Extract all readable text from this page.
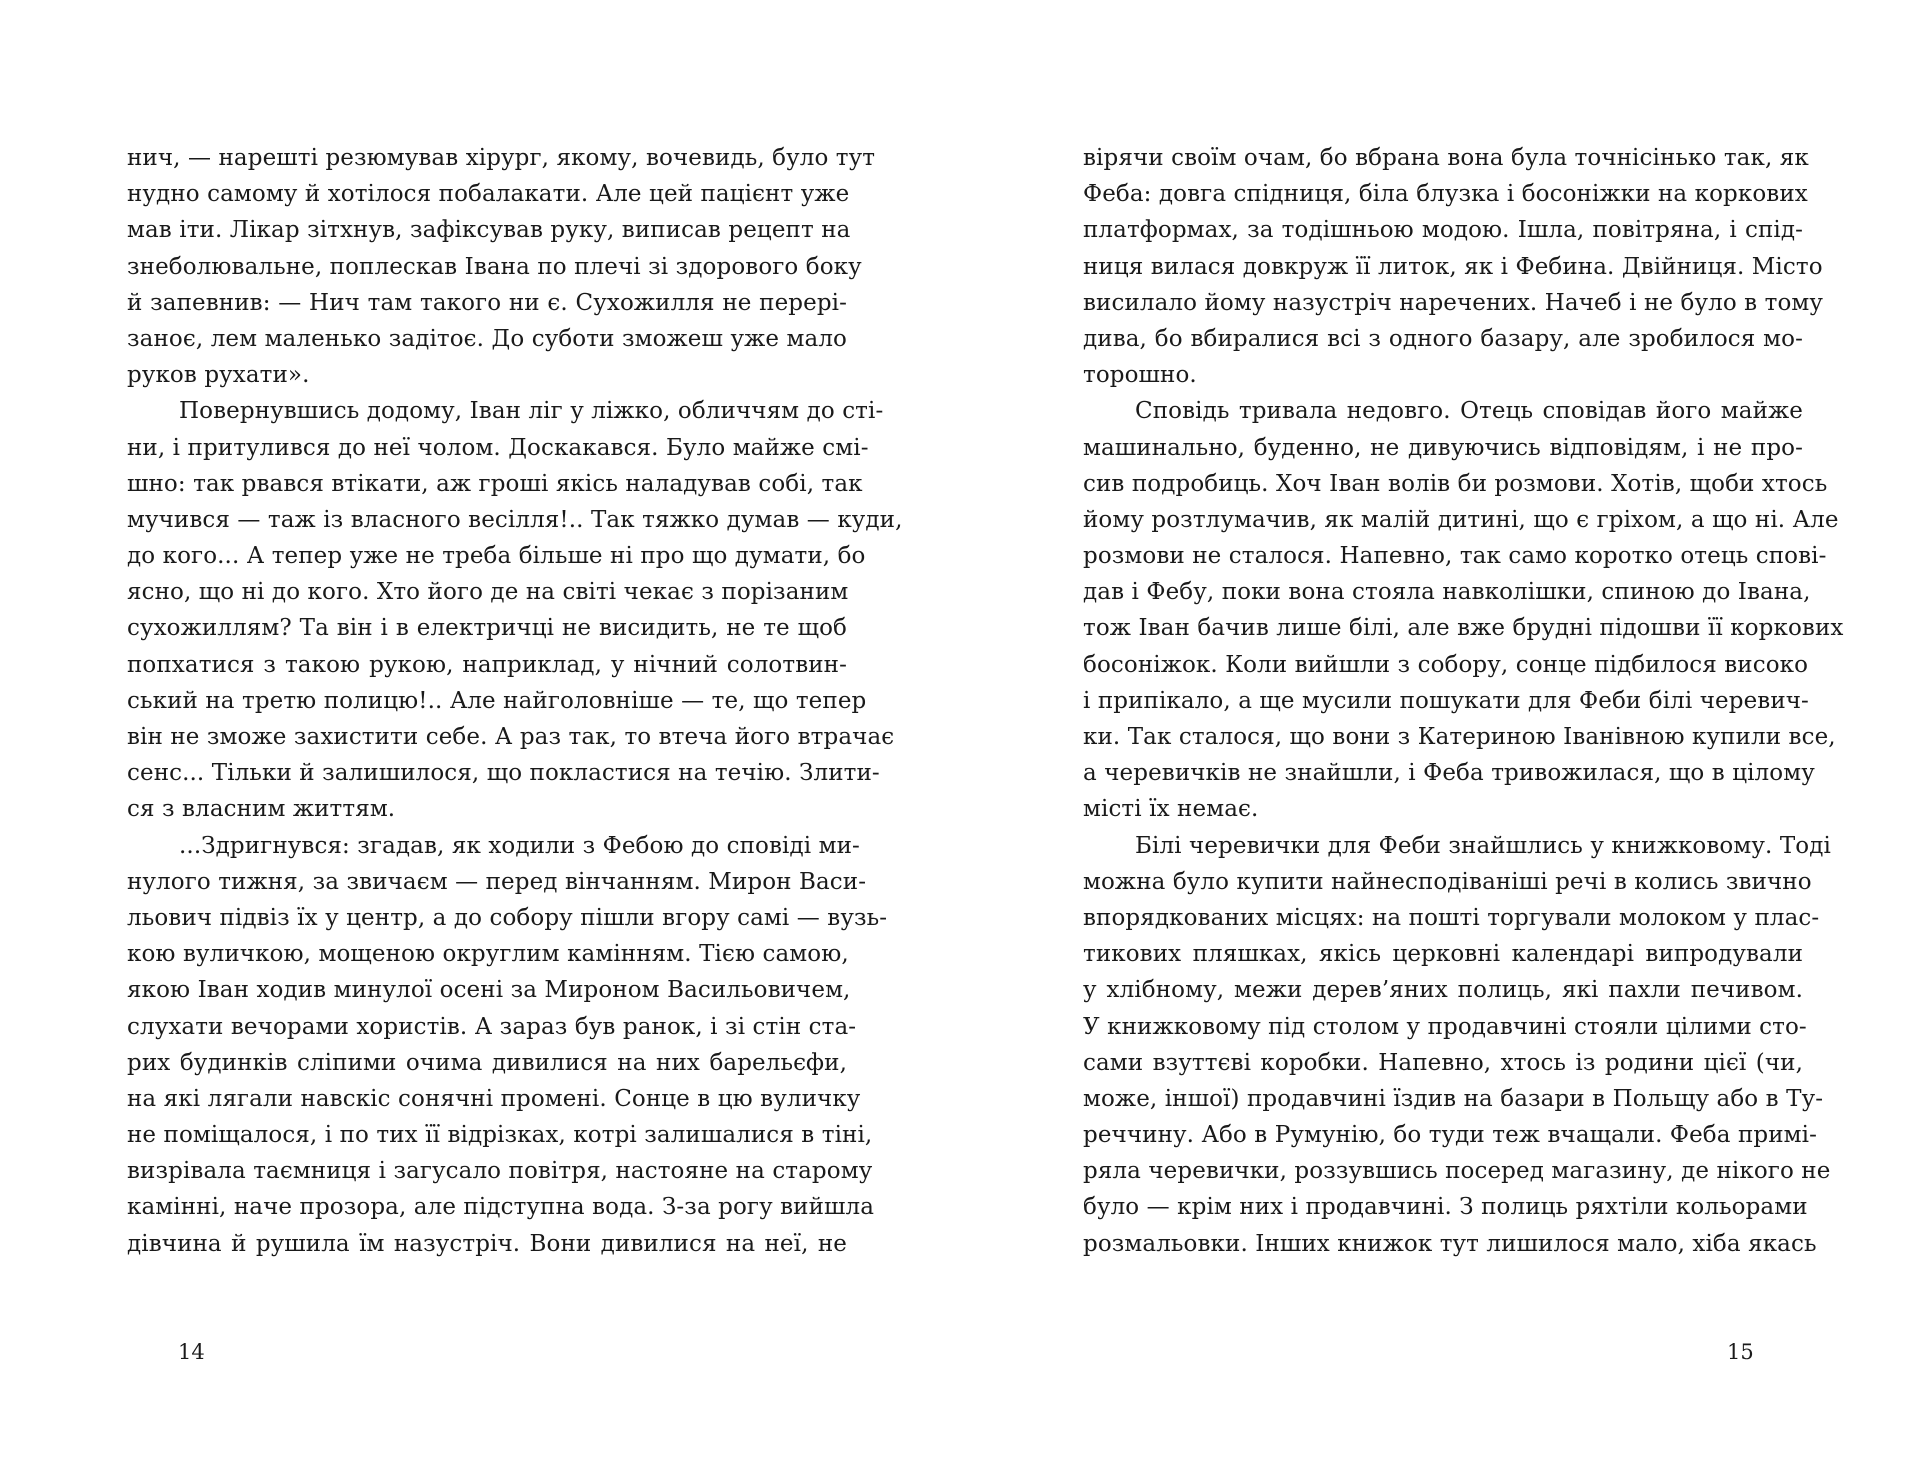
нич, — нарешті резюмував хірург, якому, вочевидь, було тут
нудно самому й хотілося побалакати. Але цей пацієнт уже
мав іти. Лікар зітхнув, зафіксував руку, виписав рецепт на
знеболювальне, поплескав Івана по плечі зі здорового боку
й запевнив: — Нич там такого ни є. Сухожилля не перері-
заноє, лем маленько задітоє. До суботи зможеш уже мало
руков рухати».
Повернувшись додому, Іван ліг у ліжко, обличчям до сті-
ни, і притулився до неї чолом. Доскакався. Було майже смі-
шно: так рвався втікати, аж гроші якісь наладував собі, так
мучився — таж із власного весілля!.. Так тяжко думав — куди,
до кого... А тепер уже не треба більше ні про що думати, бо
ясно, що ні до кого. Хто його де на світі чекає з порізаним
сухожиллям? Та він і в електричці не висидить, не те щоб
попхатися з такою рукою, наприклад, у нічний солотвин-
ський на третю полицю!.. Але найголовніше — те, що тепер
він не зможе захистити себе. А раз так, то втеча його втрачає
сенс... Тільки й залишилося, що покластися на течію. Злити-
ся з власним життям.
...Здригнувся: згадав, як ходили з Фебою до сповіді ми-
нулого тижня, за звичаєм — перед вінчанням. Мирон Васи-
льович підвіз їх у центр, а до собору пішли вгору самі — вузь-
кою вуличкою, мощеною округлим камінням. Тією самою,
якою Іван ходив минулої осені за Мироном Васильовичем,
слухати вечорами хористів. А зараз був ранок, і зі стін ста-
рих будинків сліпими очима дивилися на них барельєфи,
на які лягали навскіс сонячні промені. Сонце в цю вуличку
не поміщалося, і по тих її відрізках, котрі залишалися в тіні,
визрівала таємниця і загусало повітря, настояне на старому
камінні, наче прозора, але підступна вода. З-за рогу вийшла
дівчина й рушила їм назустріч. Вони дивилися на неї, не
14
вірячи своїм очам, бо вбрана вона була точнісінько так, як
Феба: довга спідниця, біла блузка і босоніжки на коркових
платформах, за тодішньою модою. Ішла, повітряна, і спід-
ниця вилася довкруж її литок, як і Фебина. Двійниця. Місто
висилало йому назустріч наречених. Начеб і не було в тому
дива, бо вбиралися всі з одного базару, але зробилося мо-
торошно.
Сповідь тривала недовго. Отець сповідав його майже
машинально, буденно, не дивуючись відповідям, і не про-
сив подробиць. Хоч Іван волів би розмови. Хотів, щоби хтось
йому розтлумачив, як малій дитині, що є гріхом, а що ні. Але
розмови не сталося. Напевно, так само коротко отець спові-
дав і Фебу, поки вона стояла навколішки, спиною до Івана,
тож Іван бачив лише білі, але вже брудні підошви її коркових
босоніжок. Коли вийшли з собору, сонце підбилося високо
і припікало, а ще мусили пошукати для Феби білі черевич-
ки. Так сталося, що вони з Катериною Іванівною купили все,
а черевичків не знайшли, і Феба тривожилася, що в цілому
місті їх немає.
Білі черевички для Феби знайшлись у книжковому. Тоді
можна було купити найнесподіваніші речі в колись звично
впорядкованих місцях: на пошті торгували молоком у плас-
тикових пляшках, якісь церковні календарі випродували
у хлібному, межи дерев’яних полиць, які пахли печивом.
У книжковому під столом у продавчині стояли цілими сто-
сами взуттєві коробки. Напевно, хтось із родини цієї (чи,
може, іншої) продавчині їздив на базари в Польщу або в Ту-
реччину. Або в Румунію, бо туди теж вчащали. Феба примі-
ряла черевички, роззувшись посеред магазину, де нікого не
було — крім них і продавчині. З полиць ряхтіли кольорами
розмальовки. Інших книжок тут лишилося мало, хіба якась
15
